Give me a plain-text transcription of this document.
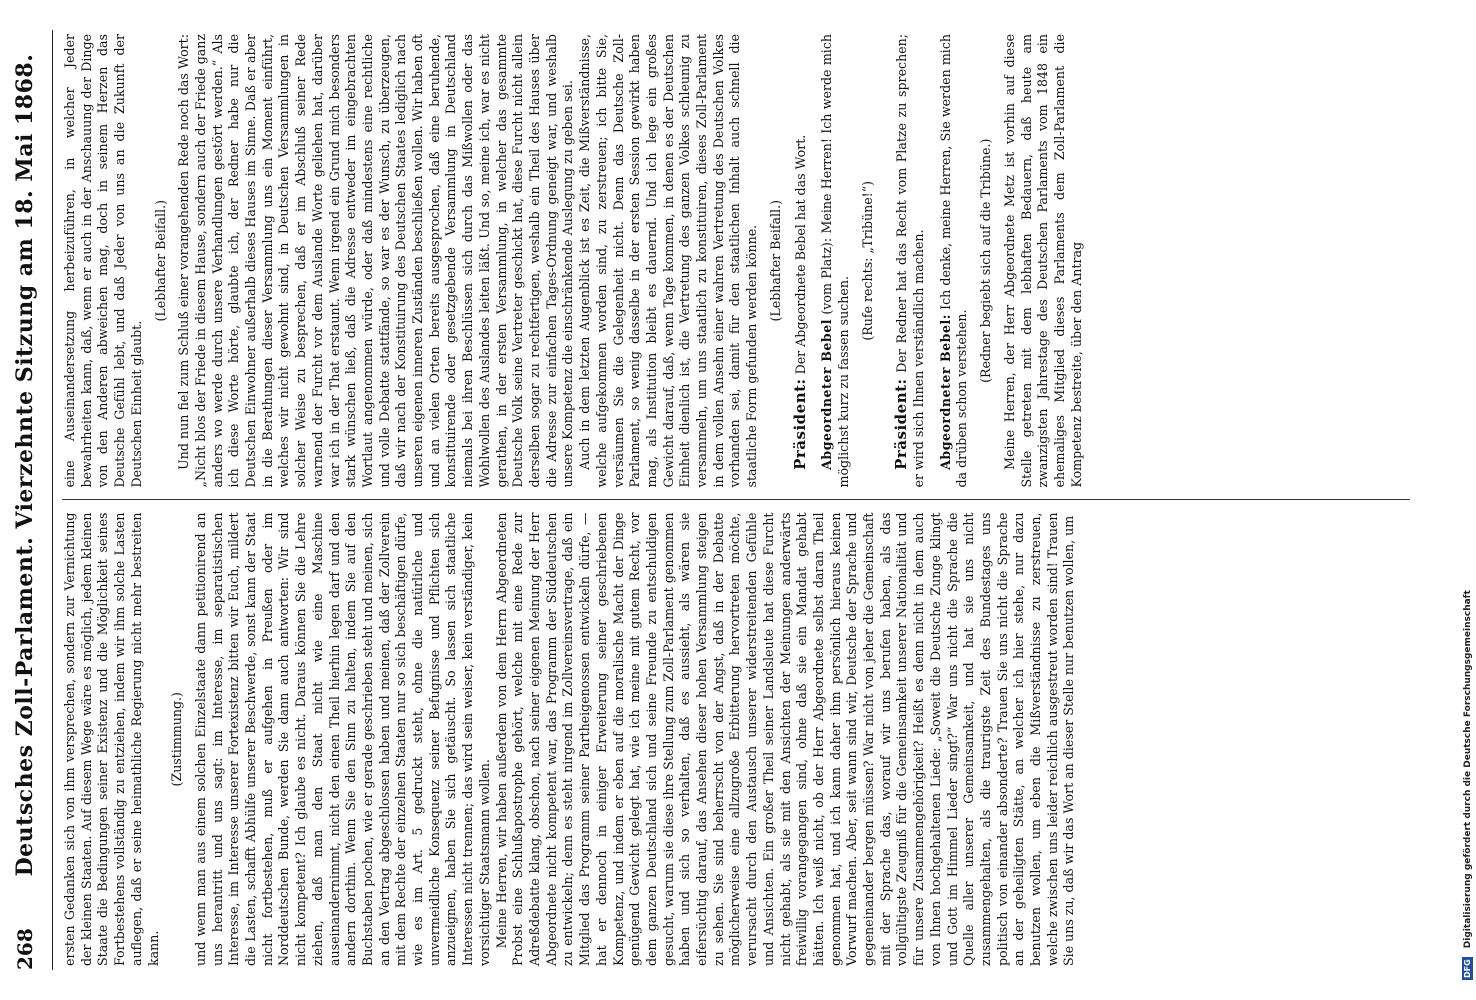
268
Deutsches Zoll-Parlament. Vierzehnte Sitzung am 18. Mai 1868. ersten Gedanken sich von ihm versprechen, sondern zur Vernichtung der kleinen Staaten. Auf diesem Wege wäre es möglich, jedem kleinen Staate die Bedingungen seiner Existenz und die Möglichkeit seines Fortbestehens vollständig zu entziehen, indem wir ihm solche Lasten auflegen, daß er seine heimathliche Regierung nicht mehr bestreiten kann.

(Zustimmung.) und wenn man aus einem solchen Einzelstaate dann petitionirend an uns herantritt und uns sagt: im Interesse, im separatistischen Interesse, im Interesse unserer Fortexistenz bitten wir Euch, mildert die Lasten, schafft Abhülfe unserer Beschwerde, sonst kann der Staat nicht fortbestehen, muß er aufgehen in Preußen oder im Norddeutschen Bunde, werden Sie dann auch antworten: Wir sind nicht kompetent? Ich glaube es nicht. Daraus können Sie die Lehre ziehen, daß man den Staat nicht wie eine Maschine auseinandernimmt, nicht den einen Theil hierhin legen darf und den andern dorthin. Wenn Sie den Sinn zu halten, indem Sie auf den Buchstaben pochen, wie er gerade geschrieben steht und meinen, sich an den Vertrag abgeschlossen haben und meinen, daß der Zollverein mit dem Rechte der einzelnen Staaten nur so sich beschäftigen dürfe, wie es im Art. 5 gedruckt steht, ohne die natürliche und unvermeidliche Konsequenz seiner Befugnisse und Pflichten sich anzueignen, haben Sie sich getäuscht. So lassen sich staatliche Interessen nicht trennen; das wird sein weiser, kein verständiger, kein vorsichtiger Staatsmann wollen. Meine Herren, wir haben außerdem von dem Herrn Abgeordneten Probst eine Schlußapostrophe gehört, welche mit eine Rede zur Adreßdebatte klang, obschon, nach seiner eigenen Meinung der Herr Abgeordnete nicht kompetent war, das Programm der Süddeutschen zu entwickeln; denn es steht nirgend im Zollvereinsvertrage, daß ein Mitglied das Programm seiner Partheigenossen entwickeln dürfe, — hat er dennoch in einiger Erweiterung seiner geschriebenen Kompetenz, und indem er eben auf die moralische Macht der Dinge genügend Gewicht gelegt hat, wie ich meine mit gutem Recht, vor dem ganzen Deutschland sich und seine Freunde zu entschuldigen gesucht, warum sie diese ihre Stellung zum Zoll-Parlament genommen haben und sich so verhalten, daß es aussieht, als wären sie eifersüchtig darauf, das Ansehen dieser hohen Versammlung steigen zu sehen. Sie sind beherrscht von der Angst, daß in der Debatte möglicherweise eine allzugroße Erbitterung hervortreten möchte, verursacht durch den Austausch unserer widerstreitenden Gefühle und Ansichten. Ein großer Theil seiner Landsleute hat diese Furcht nicht gehabt, als sie mit den Ansichten der Meinungen anderwärts freiwillig vorangegangen sind, ohne daß sie ein Mandat gehabt hätten. Ich weiß nicht, ob der Herr Abgeordnete selbst daran Theil genommen hat, und ich kann daher ihm persönlich hieraus keinen Vorwurf machen. Aber, seit wann sind wir, Deutsche der Sprache und gegeneinander bergen müssen? War nicht von jeher die Gemeinschaft mit der Sprache das, worauf wir uns berufen haben, als das vollgültigste Zeugniß für die Gemeinsamkeit unserer Nationalität und für unsere Zusammengehörigkeit? Heißt es denn nicht in dem auch von Ihnen hochgehaltenen Liede: „Soweit die Deutsche Zunge klingt und Gott im Himmel Lieder singt?“ War uns nicht die Sprache die Quelle aller unserer Gemeinsamkeit, und hat sie uns nicht zusammengehalten, als die traurigste Zeit des Bundestages uns politisch von einander absonderte? Trauen Sie uns nicht die Sprache an der geheiligten Stätte, an welcher ich hier stehe, nur dazu benutzen wollen, um eben die Mißverständnisse zu zerstreuen, welche zwischen uns leider reichlich ausgestreut worden sind! Trauen Sie uns zu, daß wir das Wort an dieser Stelle nur benutzen wollen, um

eine Auseinandersetzung herbeizuführen, in welcher Jeder bewahrheiten kann, daß, wenn er auch in der Anschauung der Dinge von den Anderen abweichen mag, doch in seinem Herzen das Deutsche Gefühl lebt, und daß Jeder von uns an die Zukunft der Deutschen Einheit glaubt.

(Lebhafter Beifall.) Und nun fiel zum Schluß einer vorangehenden Rede noch das Wort: „Nicht blos der Friede in diesem Hause, sondern auch der Friede ganz anders wo werde durch unsere Verhandlungen gestört werden.“ Als ich diese Worte hörte, glaubte ich, der Redner habe nur die Deutschen Einwohner außerhalb dieses Hauses im Sinne. Daß er aber in die Berathungen dieser Versammlung uns ein Moment einführt, welches wir nicht gewohnt sind, in Deutschen Versammlungen in solcher Weise zu besprechen, daß er im Abschluß seiner Rede warnend der Furcht vor dem Auslande Worte geliehen hat, darüber war ich in der That erstaunt. Wenn irgend ein Grund mich besonders stark wünschen ließ, daß die Adresse entweder im eingebrachten Wortlaut angenommen würde, oder daß mindestens eine rechtliche und volle Debatte stattfände, so war es der Wunsch, zu überzeugen, daß wir nach der Konstituirung des Deutschen Staates lediglich nach unseren eigenen inneren Zuständen beschließen wollen. Wir haben oft und an vielen Orten bereits ausgesprochen, daß eine beruhende, konstituirende oder gesetzgebende Versammlung in Deutschland niemals bei ihren Beschlüssen sich durch das Mißwollen oder das Wohlwollen des Auslandes leiten läßt. Und so, meine ich, war es nicht gerathen, in der ersten Versammlung, in welcher das gesammte Deutsche Volk seine Vertreter geschickt hat, diese Furcht nicht allein derselben sogar zu rechtfertigen, weshalb ein Theil des Hauses über die Adresse zur einfachen Tages-Ordnung geneigt war, und weshalb unsere Kompetenz die einschränkende Auslegung zu geben sei. Auch in dem letzten Augenblick ist es Zeit, die Mißverständnisse, welche aufgekommen worden sind, zu zerstreuen; ich bitte Sie, versäumen Sie die Gelegenheit nicht. Denn das Deutsche Zoll-Parlament, so wenig dasselbe in der ersten Session gewirkt haben mag, als Institution bleibt es dauernd. Und ich lege ein großes Gewicht darauf, daß, wenn Tage kommen, in denen es der Deutschen Einheit dienlich ist, die Vertretung des ganzen Volkes schleunig zu versammeln, um uns staatlich zu konstituiren, dieses Zoll-Parlament in dem vollen Ansehn einer wahren Vertretung des Deutschen Volkes vorhanden sei, damit für den staatlichen Inhalt auch schnell die staatliche Form gefunden werden könne. (Lebhafter Beifall.)

Präsident: Der Abgeordnete Bebel hat das Wort.

Abgeordneter Bebel (vom Platz): Meine Herren! Ich werde mich möglichst kurz zu fassen suchen.

(Rufe rechts: „Tribüne!“)

Präsident: Der Redner hat das Recht vom Platze zu sprechen; er wird sich Ihnen verständlich machen. Abgeordneter Bebel: Ich denke, meine Herren, Sie werden mich da drüben schon verstehen.

(Redner begiebt sich auf die Tribüne.) Meine Herren, der Herr Abgeordnete Metz ist vorhin auf diese Stelle getreten mit dem lebhaften Bedauern, daß heute am zwanzigsten Jahrestage des Deutschen Parlaments vom 1848 ein ehemaliges Mitglied dieses Parlaments dem Zoll-Parlament die Kompetenz bestreite, über den Antrag

DFG Digitalisierung gefördert durch die Deutsche Forschungsgemeinschaft
